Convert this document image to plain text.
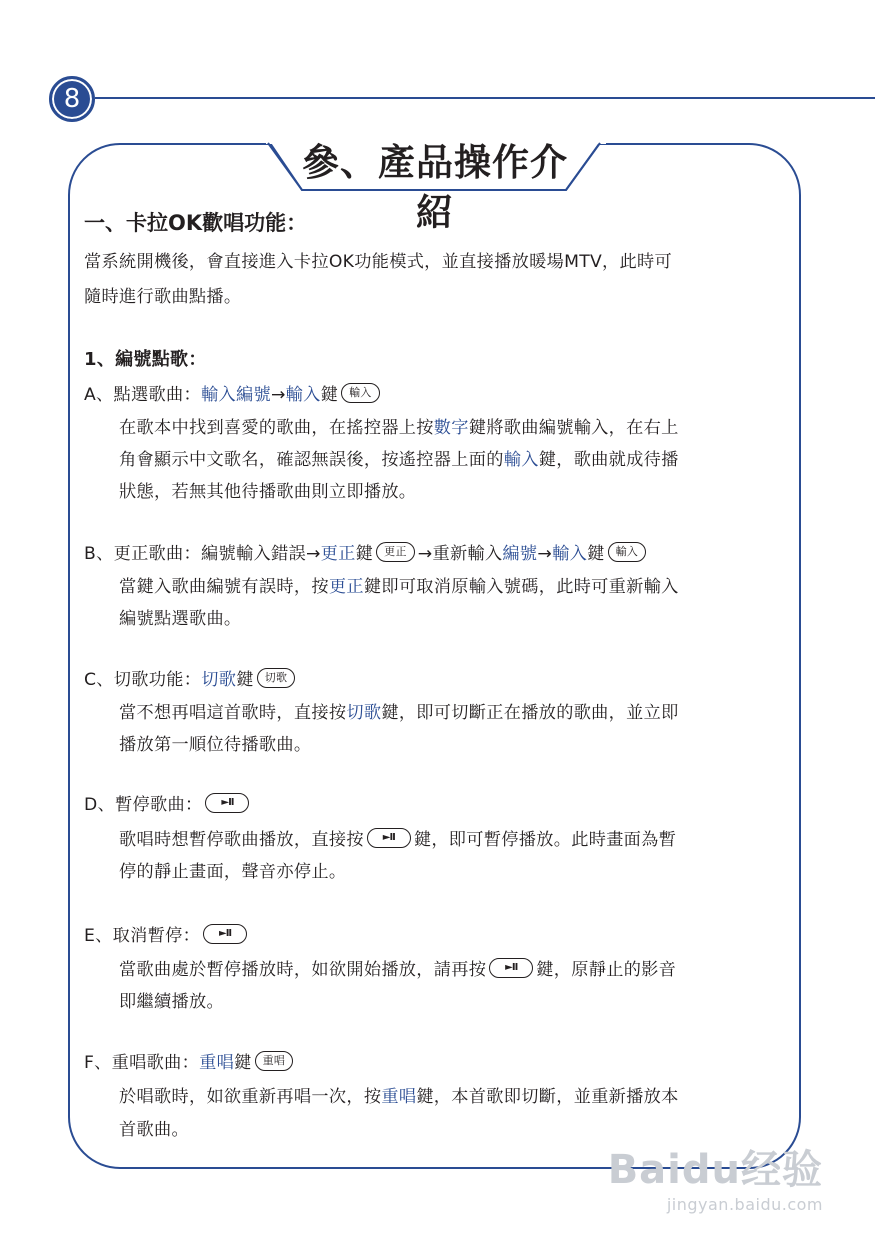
8
參、產品操作介紹
一、卡拉OK歡唱功能：
當系統開機後，會直接進入卡拉OK功能模式，並直接播放暖場MTV，此時可
隨時進行歌曲點播。
1、編號點歌：
A、點選歌曲：輸入編號→輸入鍵 輸入
在歌本中找到喜愛的歌曲，在搖控器上按數字鍵將歌曲編號輸入，在右上
角會顯示中文歌名，確認無誤後，按遙控器上面的輸入鍵，歌曲就成待播
狀態，若無其他待播歌曲則立即播放。
B、更正歌曲：編號輸入錯誤→更正鍵 更正 →重新輸入編號→輸入鍵 輸入
當鍵入歌曲編號有誤時，按更正鍵即可取消原輸入號碼，此時可重新輸入
編號點選歌曲。
C、切歌功能：切歌鍵 切歌
當不想再唱這首歌時，直接按切歌鍵，即可切斷正在播放的歌曲，並立即
播放第一順位待播歌曲。
D、暫停歌曲： ►II
歌唱時想暫停歌曲播放，直接按 ►II 鍵，即可暫停播放。此時畫面為暫
停的靜止畫面，聲音亦停止。
E、取消暫停： ►II
當歌曲處於暫停播放時，如欲開始播放，請再按 ►II 鍵，原靜止的影音
即繼續播放。
F、重唱歌曲：重唱鍵 重唱
於唱歌時，如欲重新再唱一次，按重唱鍵，本首歌即切斷，並重新播放本
首歌曲。
Baidu经验
jingyan.baidu.com
